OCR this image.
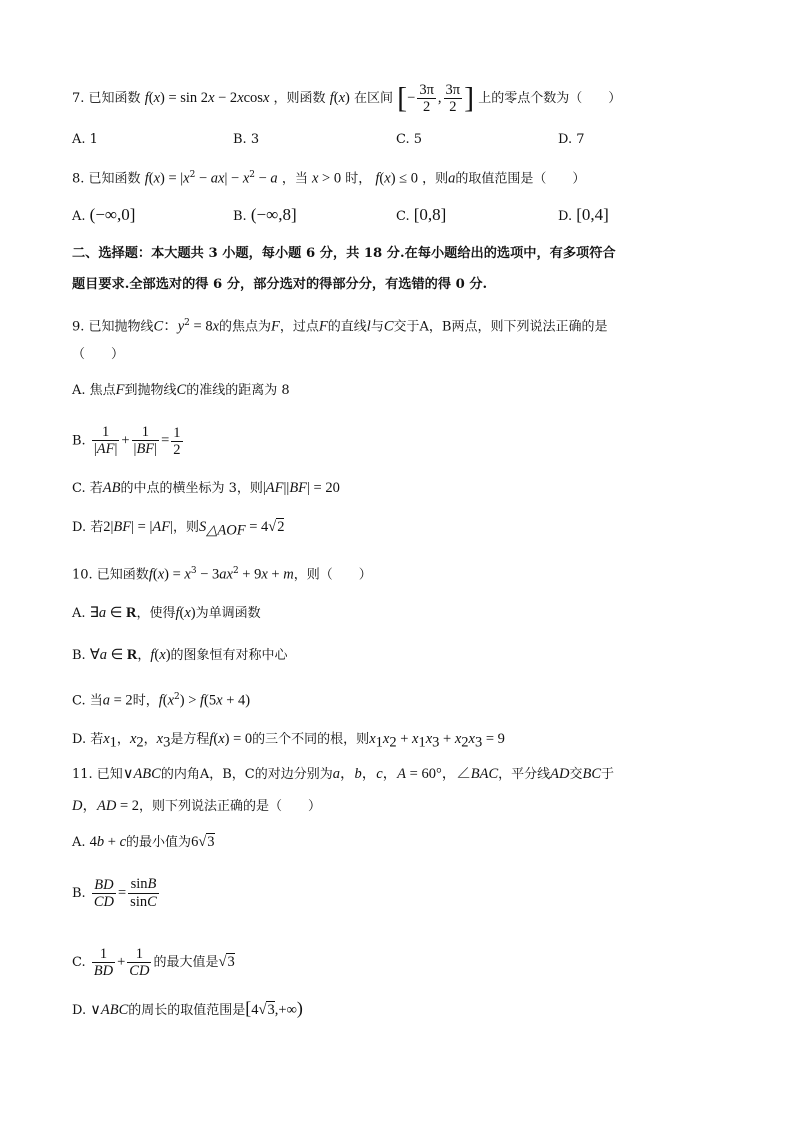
7. 已知函数 f(x) = sin 2x − 2xcosx ，则函数 f(x) 在区间 [− $\frac{3\pi}{2}$ , $\frac{3\pi}{2}$ ] 上的零点个数为（　　）
A. 1	B. 3	C. 5	D. 7
8. 已知函数 $f(x) = |x^2 - ax| - x^2 - a$ ，当 x > 0 时， f(x) ≤ 0 ，则a的取值范围是（　　）
A. (−∞,0]	B. (−∞,8]	C. [0,8]	D. [0,4]
二、选择题：本大题共 3 小题，每小题 6 分，共 18 分.在每小题给出的选项中，有多项符合
题目要求.全部选对的得 6 分，部分选对的得部分分，有选错的得 0 分.
9. 已知抛物线C：$y^2 = 8x$的焦点为F，过点F的直线l与C交于A，B两点，则下列说法正确的是
（　　）
A. 焦点F到抛物线C的准线的距离为 8
B. $\frac{1}{|AF|} + \frac{1}{|BF|} = \frac{1}{2}$
C. 若AB的中点的横坐标为 3，则|AF||BF| = 20
D. 若2|BF| = |AF|，则$S_{\triangle AOF} = 4√2$
10. 已知函数$f(x) = x^3 - 3ax^2 + 9x + m$，则（　　）
A. ∃a ∈ R，使得f(x)为单调函数
B. ∀a ∈ R，f(x)的图象恒有对称中心
C. 当a = 2时，$f(x^2) > f(5x + 4)$
D. 若$x_1$，$x_2$，$x_3$是方程f(x) = 0的三个不同的根，则$x_1x_2 + x_1x_3 + x_2x_3 = 9$
11. 已知∨ABC的内角A，B，C的对边分别为a，b，c，A = 60°，∠BAC，平分线AD交BC于
D，AD = 2，则下列说法正确的是（　　）
A. 4b + c的最小值为6√3
B. $\frac{BD}{CD} = \frac{\sin B}{\sin C}$
C. $\frac{1}{BD} + \frac{1}{CD}$ 的最大值是√3
D. ∨ABC的周长的取值范围是[4√3,+∞)
